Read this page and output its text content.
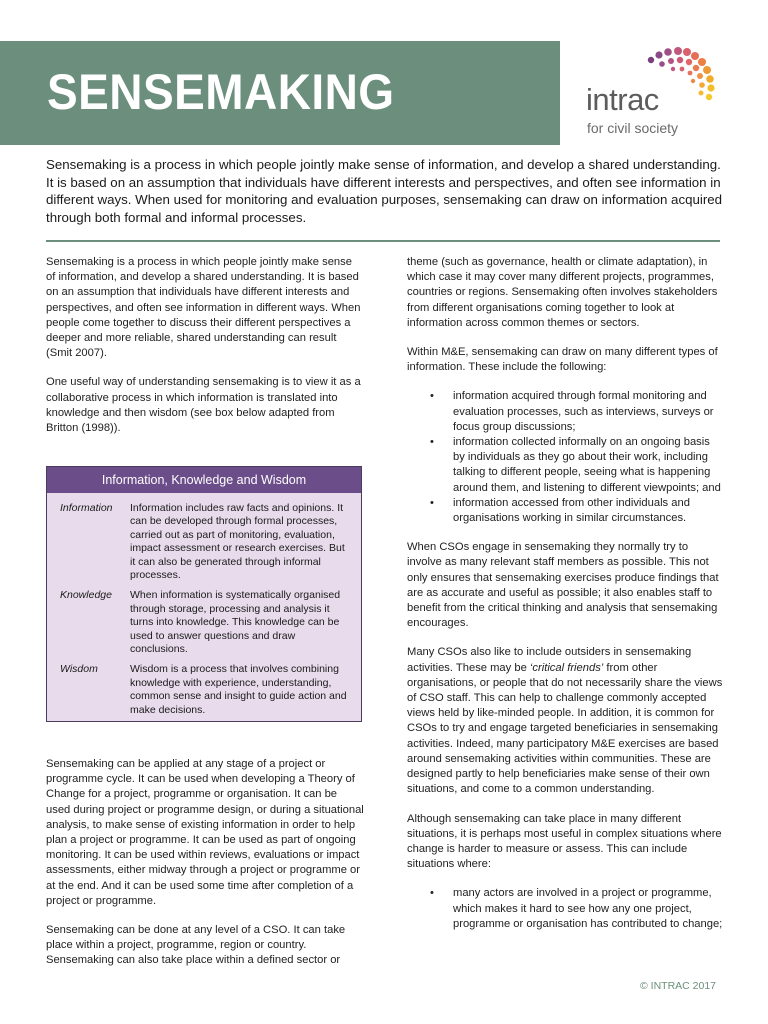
SENSEMAKING	intrac
for civil society
Sensemaking is a process in which people jointly make sense of information, and develop a shared understanding. It is based on an assumption that individuals have different interests and perspectives, and often see information in different ways. When used for monitoring and evaluation purposes, sensemaking can draw on information acquired through both formal and informal processes.

Sensemaking is a process in which people jointly make sense of information, and develop a shared understanding. It is based on an assumption that individuals have different interests and perspectives, and often see information in different ways. When people come together to discuss their different perspectives a deeper and more reliable, shared understanding can result (Smit 2007).

One useful way of understanding sensemaking is to view it as a collaborative process in which information is translated into knowledge and then wisdom (see box below adapted from Britton (1998)).

Information, Knowledge and Wisdom
Information	Information includes raw facts and opinions. It can be developed through formal processes, carried out as part of monitoring, evaluation, impact assessment or research exercises. But it can also be generated through informal processes.
Knowledge	When information is systematically organised through storage, processing and analysis it turns into knowledge. This knowledge can be used to answer questions and draw conclusions.
Wisdom	Wisdom is a process that involves combining knowledge with experience, understanding, common sense and insight to guide action and make decisions.

Sensemaking can be applied at any stage of a project or programme cycle. It can be used when developing a Theory of Change for a project, programme or organisation. It can be used during project or programme design, or during a situational analysis, to make sense of existing information in order to help plan a project or programme. It can be used as part of ongoing monitoring. It can be used within reviews, evaluations or impact assessments, either midway through a project or programme or at the end. And it can be used some time after completion of a project or programme.

Sensemaking can be done at any level of a CSO. It can take place within a project, programme, region or country. Sensemaking can also take place within a defined sector or

theme (such as governance, health or climate adaptation), in which case it may cover many different projects, programmes, countries or regions. Sensemaking often involves stakeholders from different organisations coming together to look at information across common themes or sectors.

Within M&E, sensemaking can draw on many different types of information. These include the following:

• information acquired through formal monitoring and evaluation processes, such as interviews, surveys or focus group discussions;
• information collected informally on an ongoing basis by individuals as they go about their work, including talking to different people, seeing what is happening around them, and listening to different viewpoints; and
• information accessed from other individuals and organisations working in similar circumstances.

When CSOs engage in sensemaking they normally try to involve as many relevant staff members as possible. This not only ensures that sensemaking exercises produce findings that are as accurate and useful as possible; it also enables staff to benefit from the critical thinking and analysis that sensemaking encourages.

Many CSOs also like to include outsiders in sensemaking activities. These may be ‘critical friends’ from other organisations, or people that do not necessarily share the views of CSO staff. This can help to challenge commonly accepted views held by like-minded people. In addition, it is common for CSOs to try and engage targeted beneficiaries in sensemaking activities. Indeed, many participatory M&E exercises are based around sensemaking activities within communities. These are designed partly to help beneficiaries make sense of their own situations, and come to a common understanding.

Although sensemaking can take place in many different situations, it is perhaps most useful in complex situations where change is harder to measure or assess. This can include situations where:

• many actors are involved in a project or programme, which makes it hard to see how any one project, programme or organisation has contributed to change;
© INTRAC 2017
